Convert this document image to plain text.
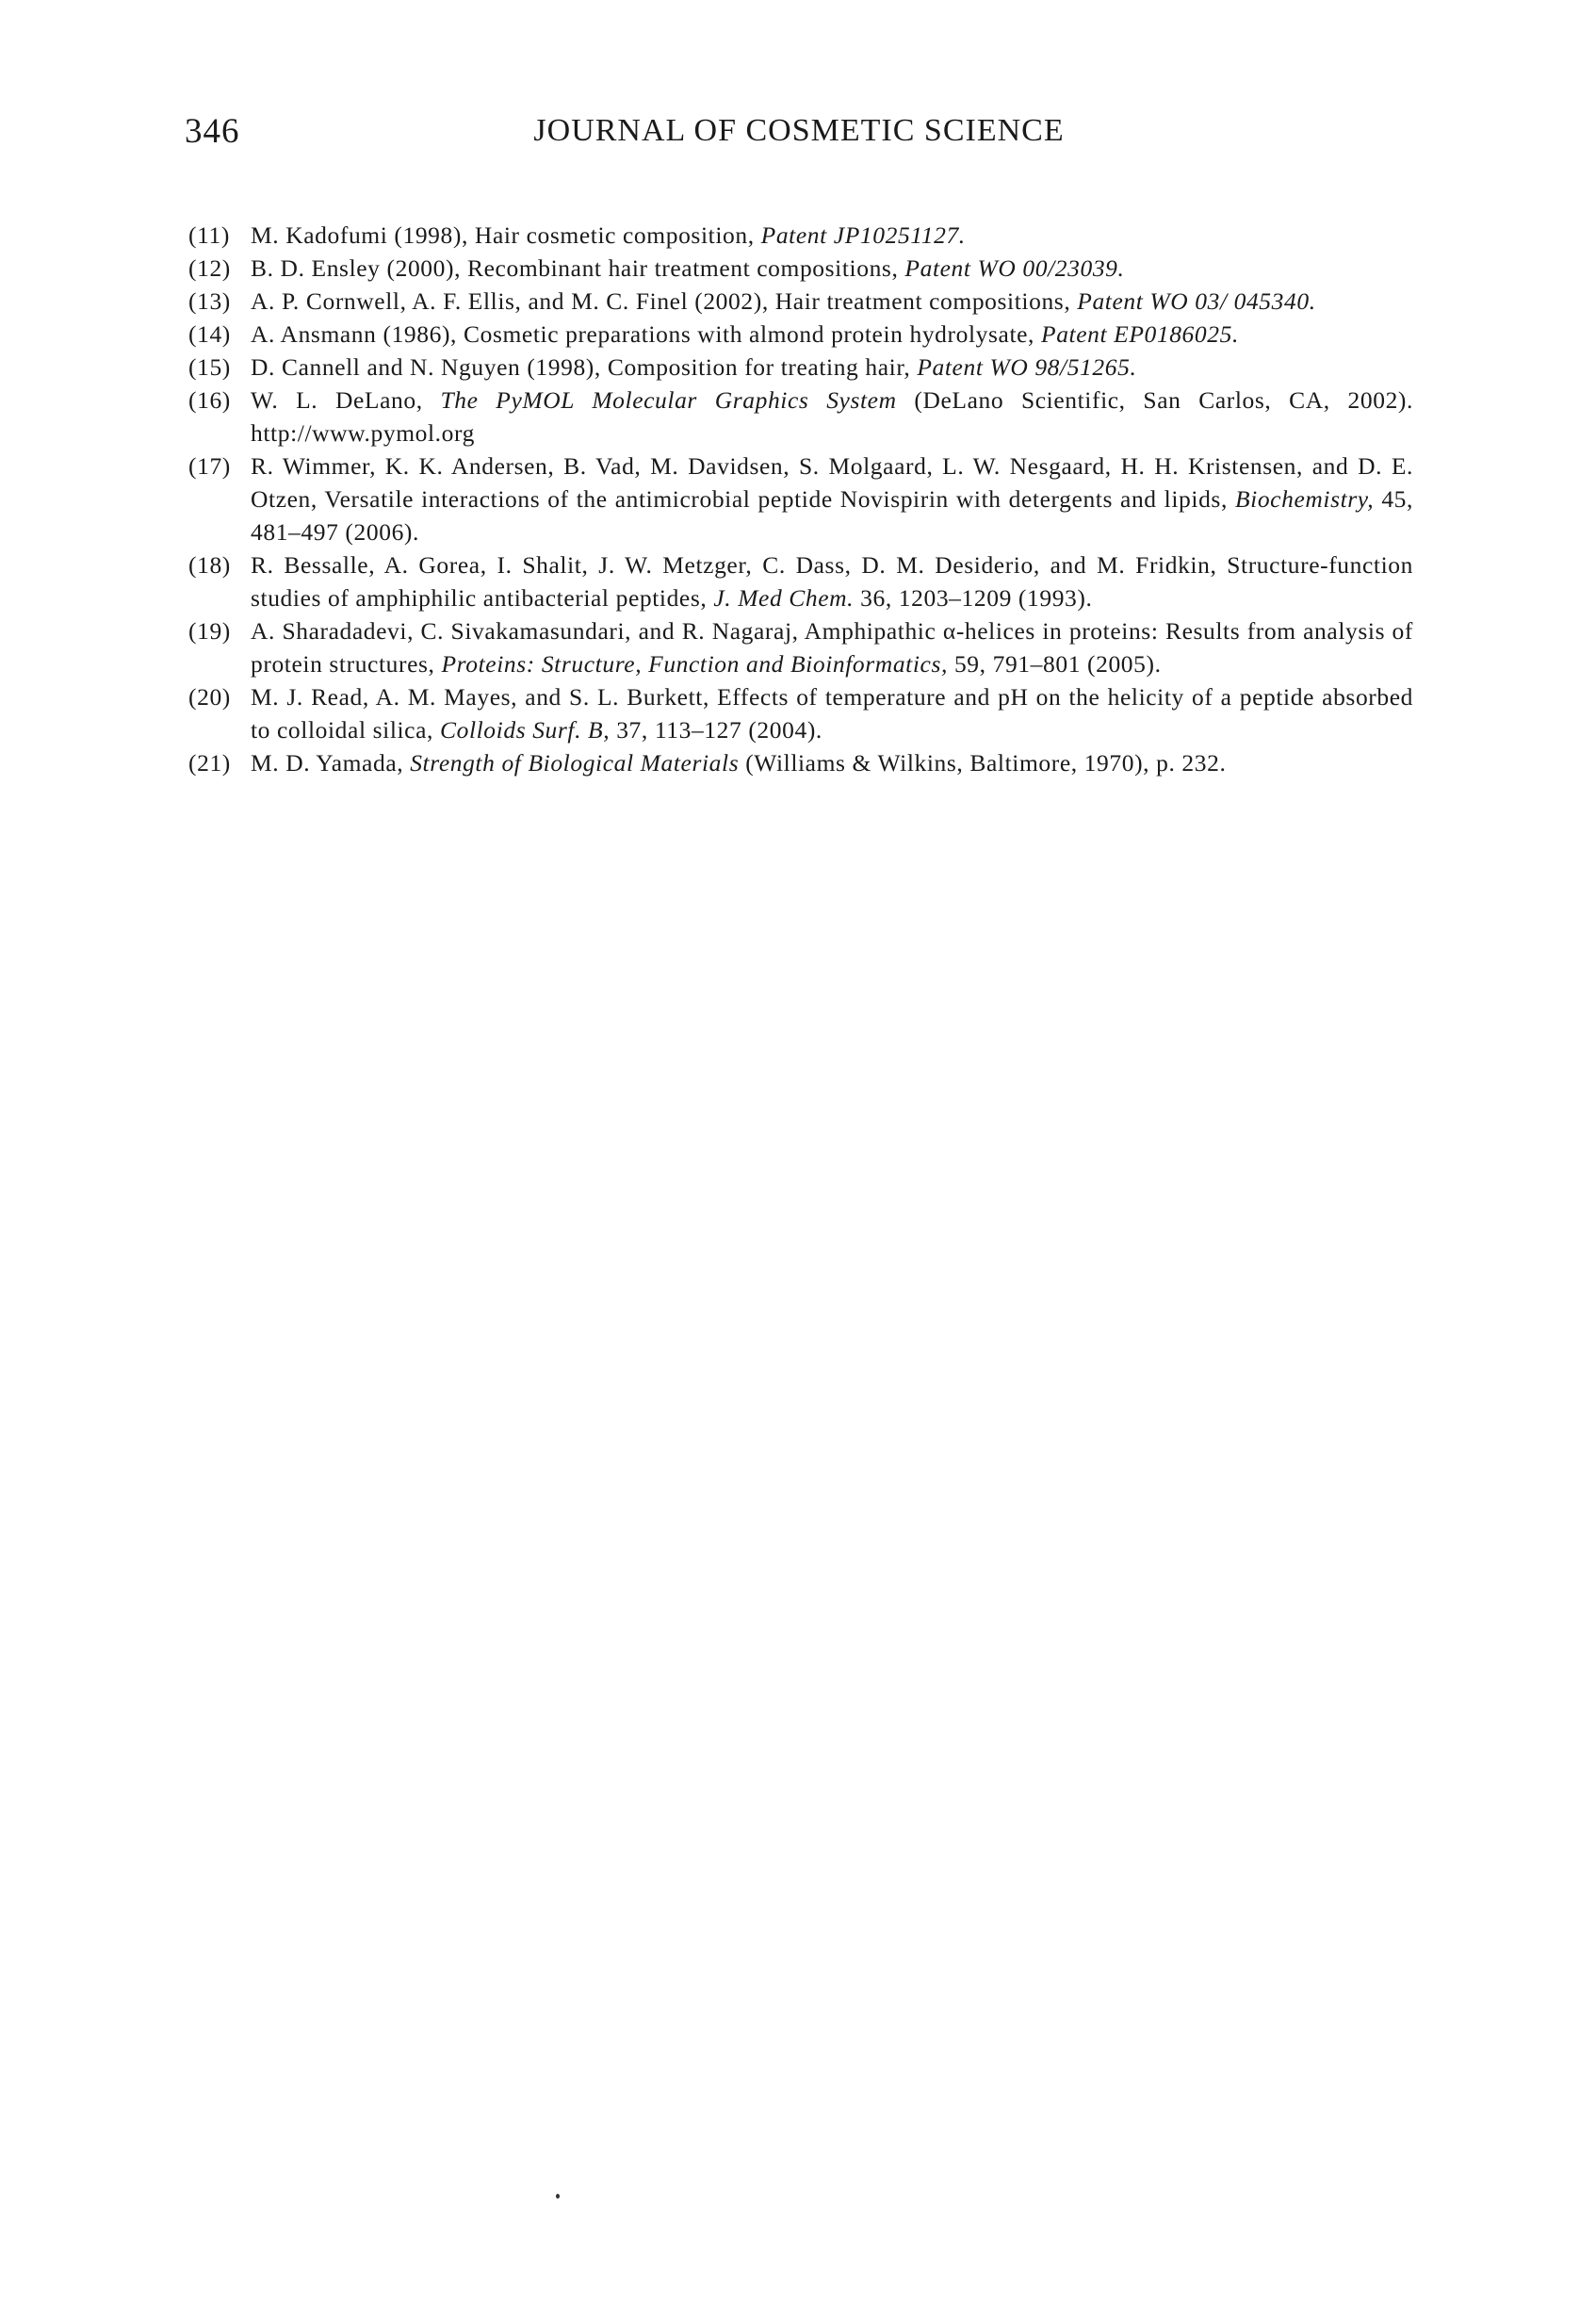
346	JOURNAL OF COSMETIC SCIENCE
(11) M. Kadofumi (1998), Hair cosmetic composition, Patent JP10251127.
(12) B. D. Ensley (2000), Recombinant hair treatment compositions, Patent WO 00/23039.
(13) A. P. Cornwell, A. F. Ellis, and M. C. Finel (2002), Hair treatment compositions, Patent WO 03/ 045340.
(14) A. Ansmann (1986), Cosmetic preparations with almond protein hydrolysate, Patent EP0186025.
(15) D. Cannell and N. Nguyen (1998), Composition for treating hair, Patent WO 98/51265.
(16) W. L. DeLano, The PyMOL Molecular Graphics System (DeLano Scientific, San Carlos, CA, 2002). http://www.pymol.org
(17) R. Wimmer, K. K. Andersen, B. Vad, M. Davidsen, S. Molgaard, L. W. Nesgaard, H. H. Kristensen, and D. E. Otzen, Versatile interactions of the antimicrobial peptide Novispirin with detergents and lipids, Biochemistry, 45, 481–497 (2006).
(18) R. Bessalle, A. Gorea, I. Shalit, J. W. Metzger, C. Dass, D. M. Desiderio, and M. Fridkin, Structure-function studies of amphiphilic antibacterial peptides, J. Med Chem. 36, 1203–1209 (1993).
(19) A. Sharadadevi, C. Sivakamasundari, and R. Nagaraj, Amphipathic α-helices in proteins: Results from analysis of protein structures, Proteins: Structure, Function and Bioinformatics, 59, 791–801 (2005).
(20) M. J. Read, A. M. Mayes, and S. L. Burkett, Effects of temperature and pH on the helicity of a peptide absorbed to colloidal silica, Colloids Surf. B, 37, 113–127 (2004).
(21) M. D. Yamada, Strength of Biological Materials (Williams & Wilkins, Baltimore, 1970), p. 232.
